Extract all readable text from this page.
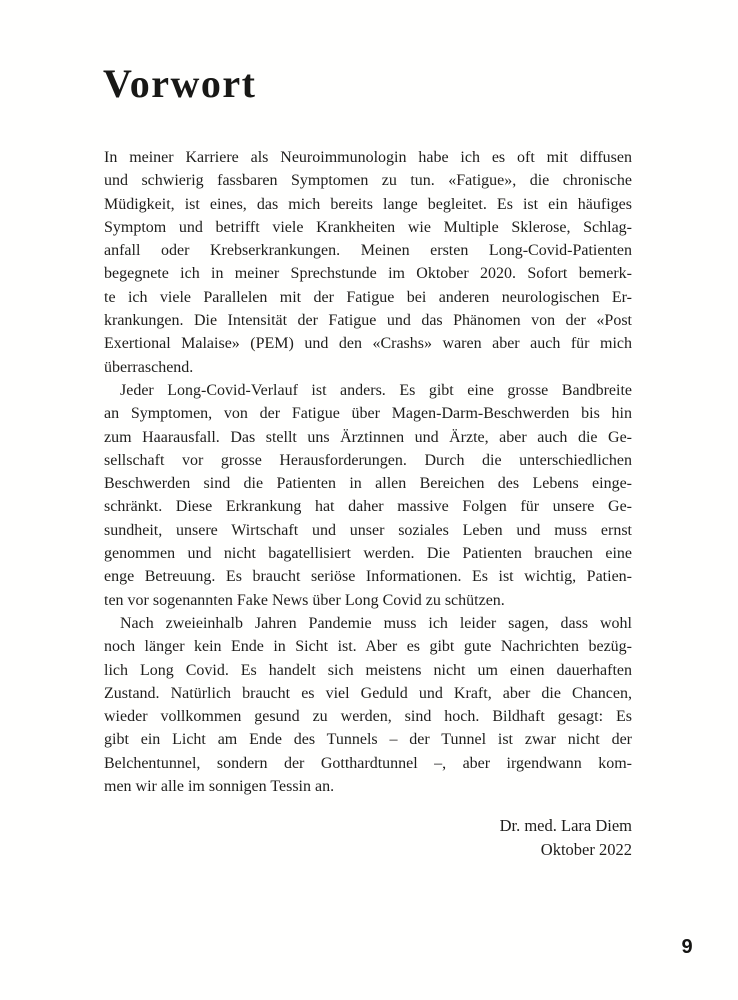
Vorwort
In meiner Karriere als Neuroimmunologin habe ich es oft mit diffusen
und schwierig fassbaren Symptomen zu tun. «Fatigue», die chronische
Müdigkeit, ist eines, das mich bereits lange begleitet. Es ist ein häufiges
Symptom und betrifft viele Krankheiten wie Multiple Sklerose, Schlag-
anfall oder Krebserkrankungen. Meinen ersten Long-Covid-Patienten
begegnete ich in meiner Sprechstunde im Oktober 2020. Sofort bemerk-
te ich viele Parallelen mit der Fatigue bei anderen neurologischen Er-
krankungen. Die Intensität der Fatigue und das Phänomen von der «Post
Exertional Malaise» (PEM) und den «Crashs» waren aber auch für mich
überraschend.
Jeder Long-Covid-Verlauf ist anders. Es gibt eine grosse Bandbreite
an Symptomen, von der Fatigue über Magen-Darm-Beschwerden bis hin
zum Haarausfall. Das stellt uns Ärztinnen und Ärzte, aber auch die Ge-
sellschaft vor grosse Herausforderungen. Durch die unterschiedlichen
Beschwerden sind die Patienten in allen Bereichen des Lebens einge-
schränkt. Diese Erkrankung hat daher massive Folgen für unsere Ge-
sundheit, unsere Wirtschaft und unser soziales Leben und muss ernst
genommen und nicht bagatellisiert werden. Die Patienten brauchen eine
enge Betreuung. Es braucht seriöse Informationen. Es ist wichtig, Patien-
ten vor sogenannten Fake News über Long Covid zu schützen.
Nach zweieinhalb Jahren Pandemie muss ich leider sagen, dass wohl
noch länger kein Ende in Sicht ist. Aber es gibt gute Nachrichten bezüg-
lich Long Covid. Es handelt sich meistens nicht um einen dauerhaften
Zustand. Natürlich braucht es viel Geduld und Kraft, aber die Chancen,
wieder vollkommen gesund zu werden, sind hoch. Bildhaft gesagt: Es
gibt ein Licht am Ende des Tunnels – der Tunnel ist zwar nicht der
Belchentunnel, sondern der Gotthardtunnel –, aber irgendwann kom-
men wir alle im sonnigen Tessin an.
Dr. med. Lara Diem
Oktober 2022
9
